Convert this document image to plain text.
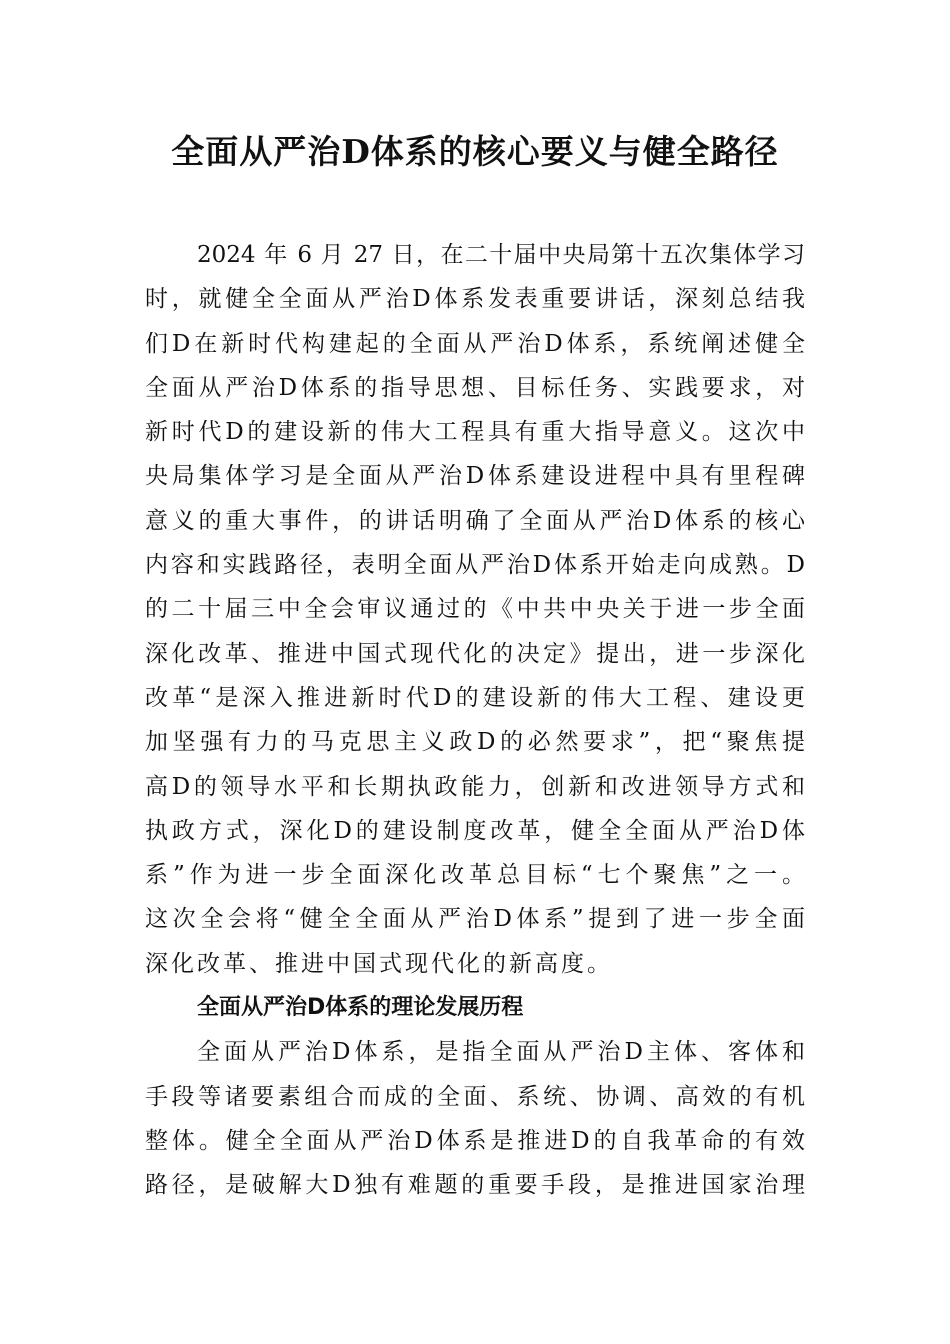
全面从严治D体系的核心要义与健全路径
2024 年 6 月 27 日，在二十届中央局第十五次集体学习
时，就健全全面从严治D体系发表重要讲话，深刻总结我
们D在新时代构建起的全面从严治D体系，系统阐述健全
全面从严治D体系的指导思想、目标任务、实践要求，对
新时代D的建设新的伟大工程具有重大指导意义。这次中
央局集体学习是全面从严治D体系建设进程中具有里程碑
意义的重大事件，的讲话明确了全面从严治D体系的核心
内容和实践路径，表明全面从严治D体系开始走向成熟。D
的二十届三中全会审议通过的《中共中央关于进一步全面
深化改革、推进中国式现代化的决定》提出，进一步深化
改革“是深入推进新时代D的建设新的伟大工程、建设更
加坚强有力的马克思主义政D的必然要求”，把“聚焦提
高D的领导水平和长期执政能力，创新和改进领导方式和
执政方式，深化D的建设制度改革，健全全面从严治D体
系”作为进一步全面深化改革总目标“七个聚焦”之一。
这次全会将“健全全面从严治D体系”提到了进一步全面
深化改革、推进中国式现代化的新高度。
全面从严治D体系的理论发展历程
全面从严治D体系，是指全面从严治D主体、客体和
手段等诸要素组合而成的全面、系统、协调、高效的有机
整体。健全全面从严治D体系是推进D的自我革命的有效
路径，是破解大D独有难题的重要手段，是推进国家治理
